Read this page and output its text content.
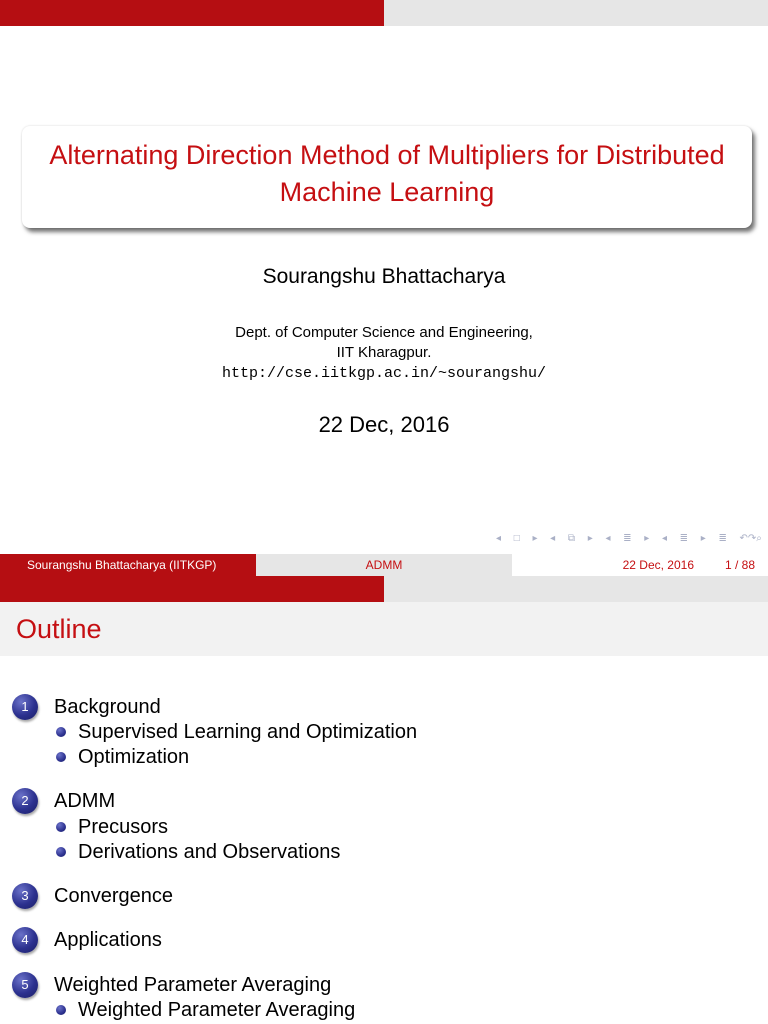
Alternating Direction Method of Multipliers for Distributed Machine Learning
Sourangshu Bhattacharya
Dept. of Computer Science and Engineering,
IIT Kharagpur.
http://cse.iitkgp.ac.in/~sourangshu/
22 Dec, 2016
◂ □ ▸ ◂ ⧉ ▸ ◂ ≣ ▸ ◂ ≣ ▸ ≣ ↶↷⌕
Sourangshu Bhattacharya (IITKGP)	ADMM	22 Dec, 2016	1 / 88
Outline
1	Background
Supervised Learning and Optimization
Optimization
2	ADMM
Precusors
Derivations and Observations
3	Convergence
4	Applications
5	Weighted Parameter Averaging
Weighted Parameter Averaging
